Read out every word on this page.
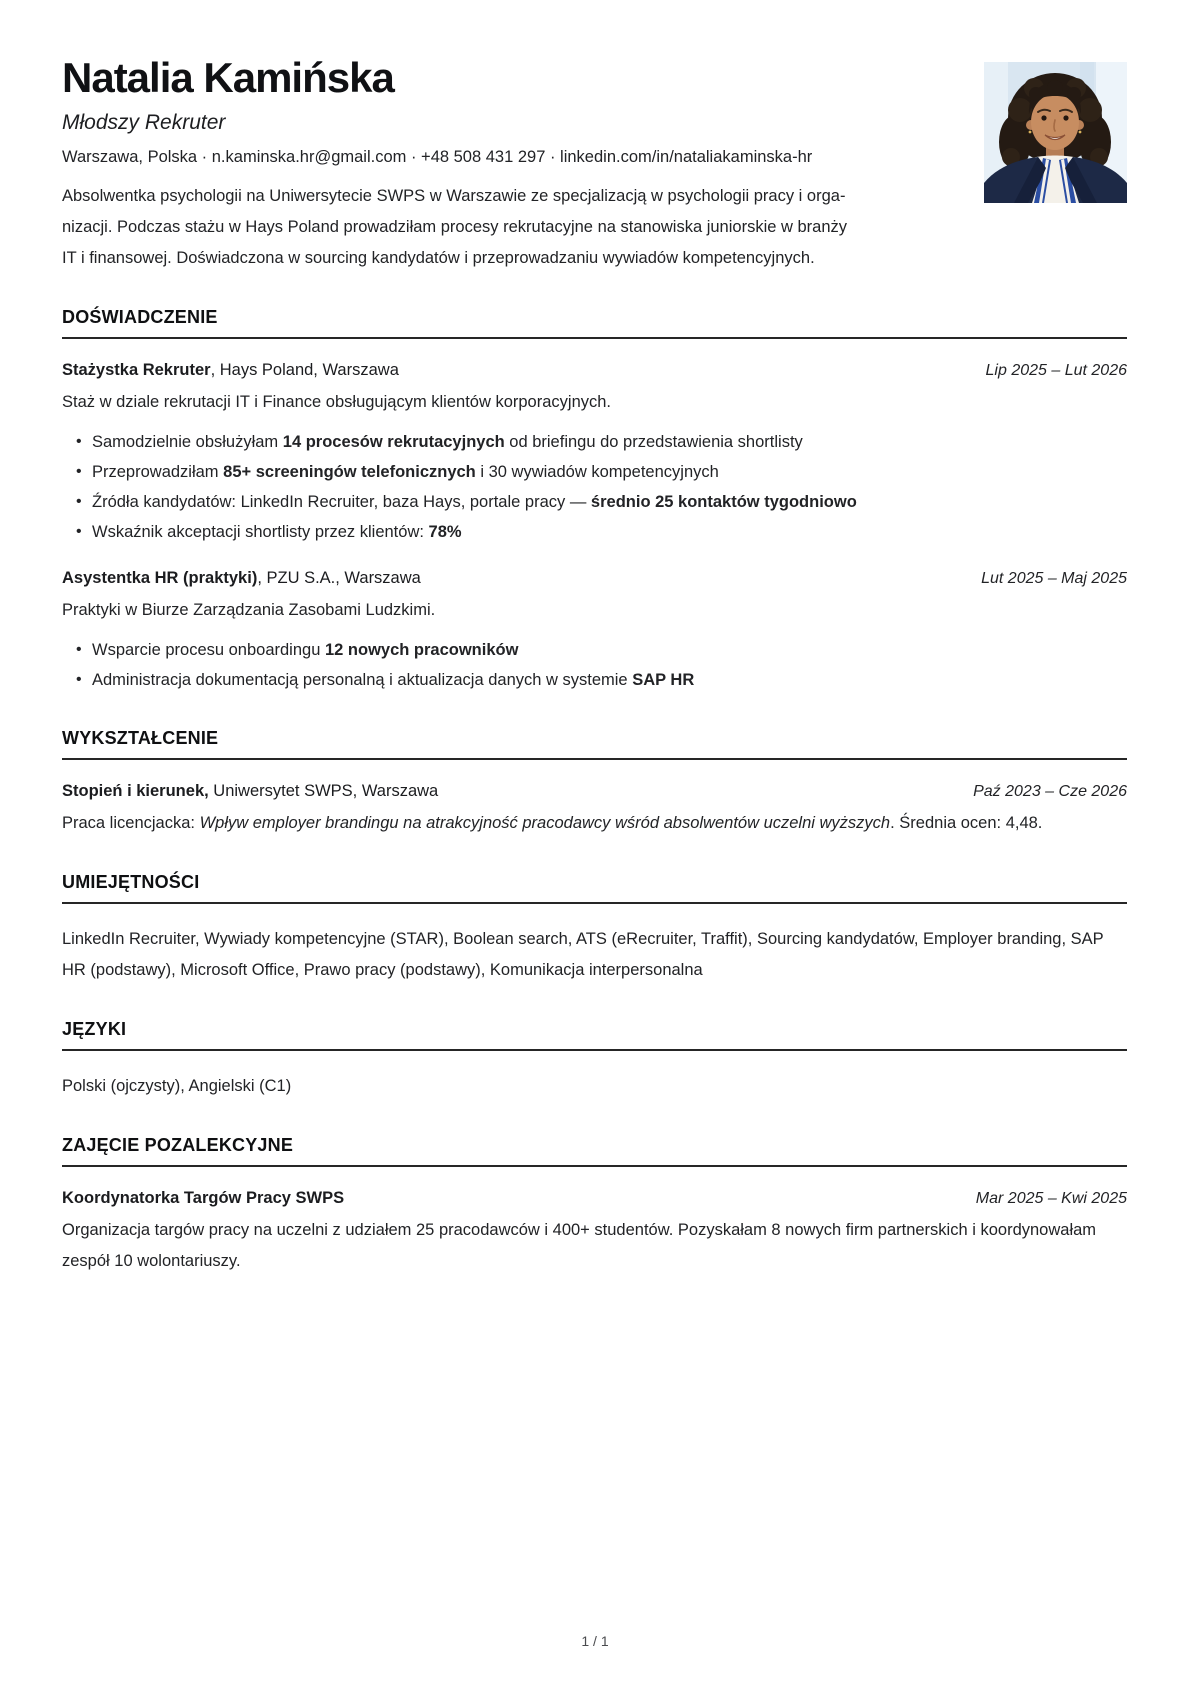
Natalia Kamińska
Młodszy Rekruter
Warszawa, Polska · n.kaminska.hr@gmail.com · +48 508 431 297 · linkedin.com/in/nataliakaminska-hr
Absolwentka psychologii na Uniwersytecie SWPS w Warszawie ze specjalizacją w psychologii pracy i orga-
nizacji. Podczas stażu w Hays Poland prowadziłam procesy rekrutacyjne na stanowiska juniorskie w branży
IT i finansowej. Doświadczona w sourcing kandydatów i przeprowadzaniu wywiadów kompetencyjnych.
DOŚWIADCZENIE
Stażystka Rekruter, Hays Poland, Warszawa	Lip 2025 – Lut 2026
Staż w dziale rekrutacji IT i Finance obsługującym klientów korporacyjnych.
• Samodzielnie obsłużyłam 14 procesów rekrutacyjnych od briefingu do przedstawienia shortlisty
• Przeprowadziłam 85+ screeningów telefonicznych i 30 wywiadów kompetencyjnych
• Źródła kandydatów: LinkedIn Recruiter, baza Hays, portale pracy — średnio 25 kontaktów tygodniowo
• Wskaźnik akceptacji shortlisty przez klientów: 78%
Asystentka HR (praktyki), PZU S.A., Warszawa	Lut 2025 – Maj 2025
Praktyki w Biurze Zarządzania Zasobami Ludzkimi.
• Wsparcie procesu onboardingu 12 nowych pracowników
• Administracja dokumentacją personalną i aktualizacja danych w systemie SAP HR
WYKSZTAŁCENIE
Stopień i kierunek, Uniwersytet SWPS, Warszawa	Paź 2023 – Cze 2026
Praca licencjacka: Wpływ employer brandingu na atrakcyjność pracodawcy wśród absolwentów uczelni wyższych. Średnia ocen: 4,48.
UMIEJĘTNOŚCI
LinkedIn Recruiter, Wywiady kompetencyjne (STAR), Boolean search, ATS (eRecruiter, Traffit), Sourcing kandydatów, Employer branding, SAP HR (podstawy), Microsoft Office, Prawo pracy (podstawy), Komunikacja interpersonalna
JĘZYKI
Polski (ojczysty), Angielski (C1)
ZAJĘCIE POZALEKCYJNE
Koordynatorka Targów Pracy SWPS	Mar 2025 – Kwi 2025
Organizacja targów pracy na uczelni z udziałem 25 pracodawców i 400+ studentów. Pozyskałam 8 nowych firm partnerskich i koordynowałam zespół 10 wolontariuszy.
1 / 1
